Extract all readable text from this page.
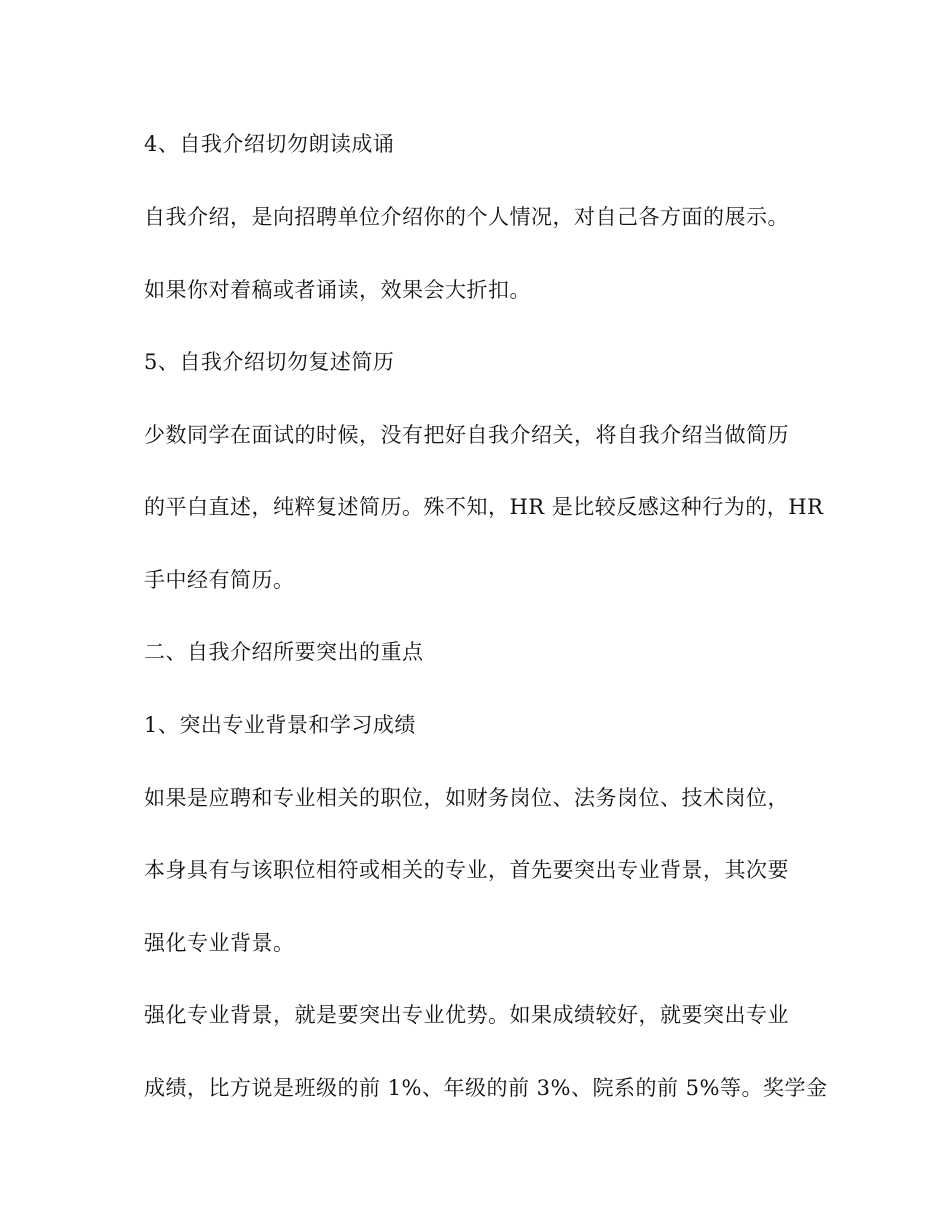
4、自我介绍切勿朗读成诵
自我介绍，是向招聘单位介绍你的个人情况，对自己各方面的展示。
如果你对着稿或者诵读，效果会大折扣。
5、自我介绍切勿复述简历
少数同学在面试的时候，没有把好自我介绍关，将自我介绍当做简历
的平白直述，纯粹复述简历。殊不知，HR 是比较反感这种行为的，HR
手中经有简历。
二、自我介绍所要突出的重点
1、突出专业背景和学习成绩
如果是应聘和专业相关的职位，如财务岗位、法务岗位、技术岗位，
本身具有与该职位相符或相关的专业，首先要突出专业背景，其次要
强化专业背景。
强化专业背景，就是要突出专业优势。如果成绩较好，就要突出专业
成绩，比方说是班级的前 1%、年级的前 3%、院系的前 5%等。奖学金
